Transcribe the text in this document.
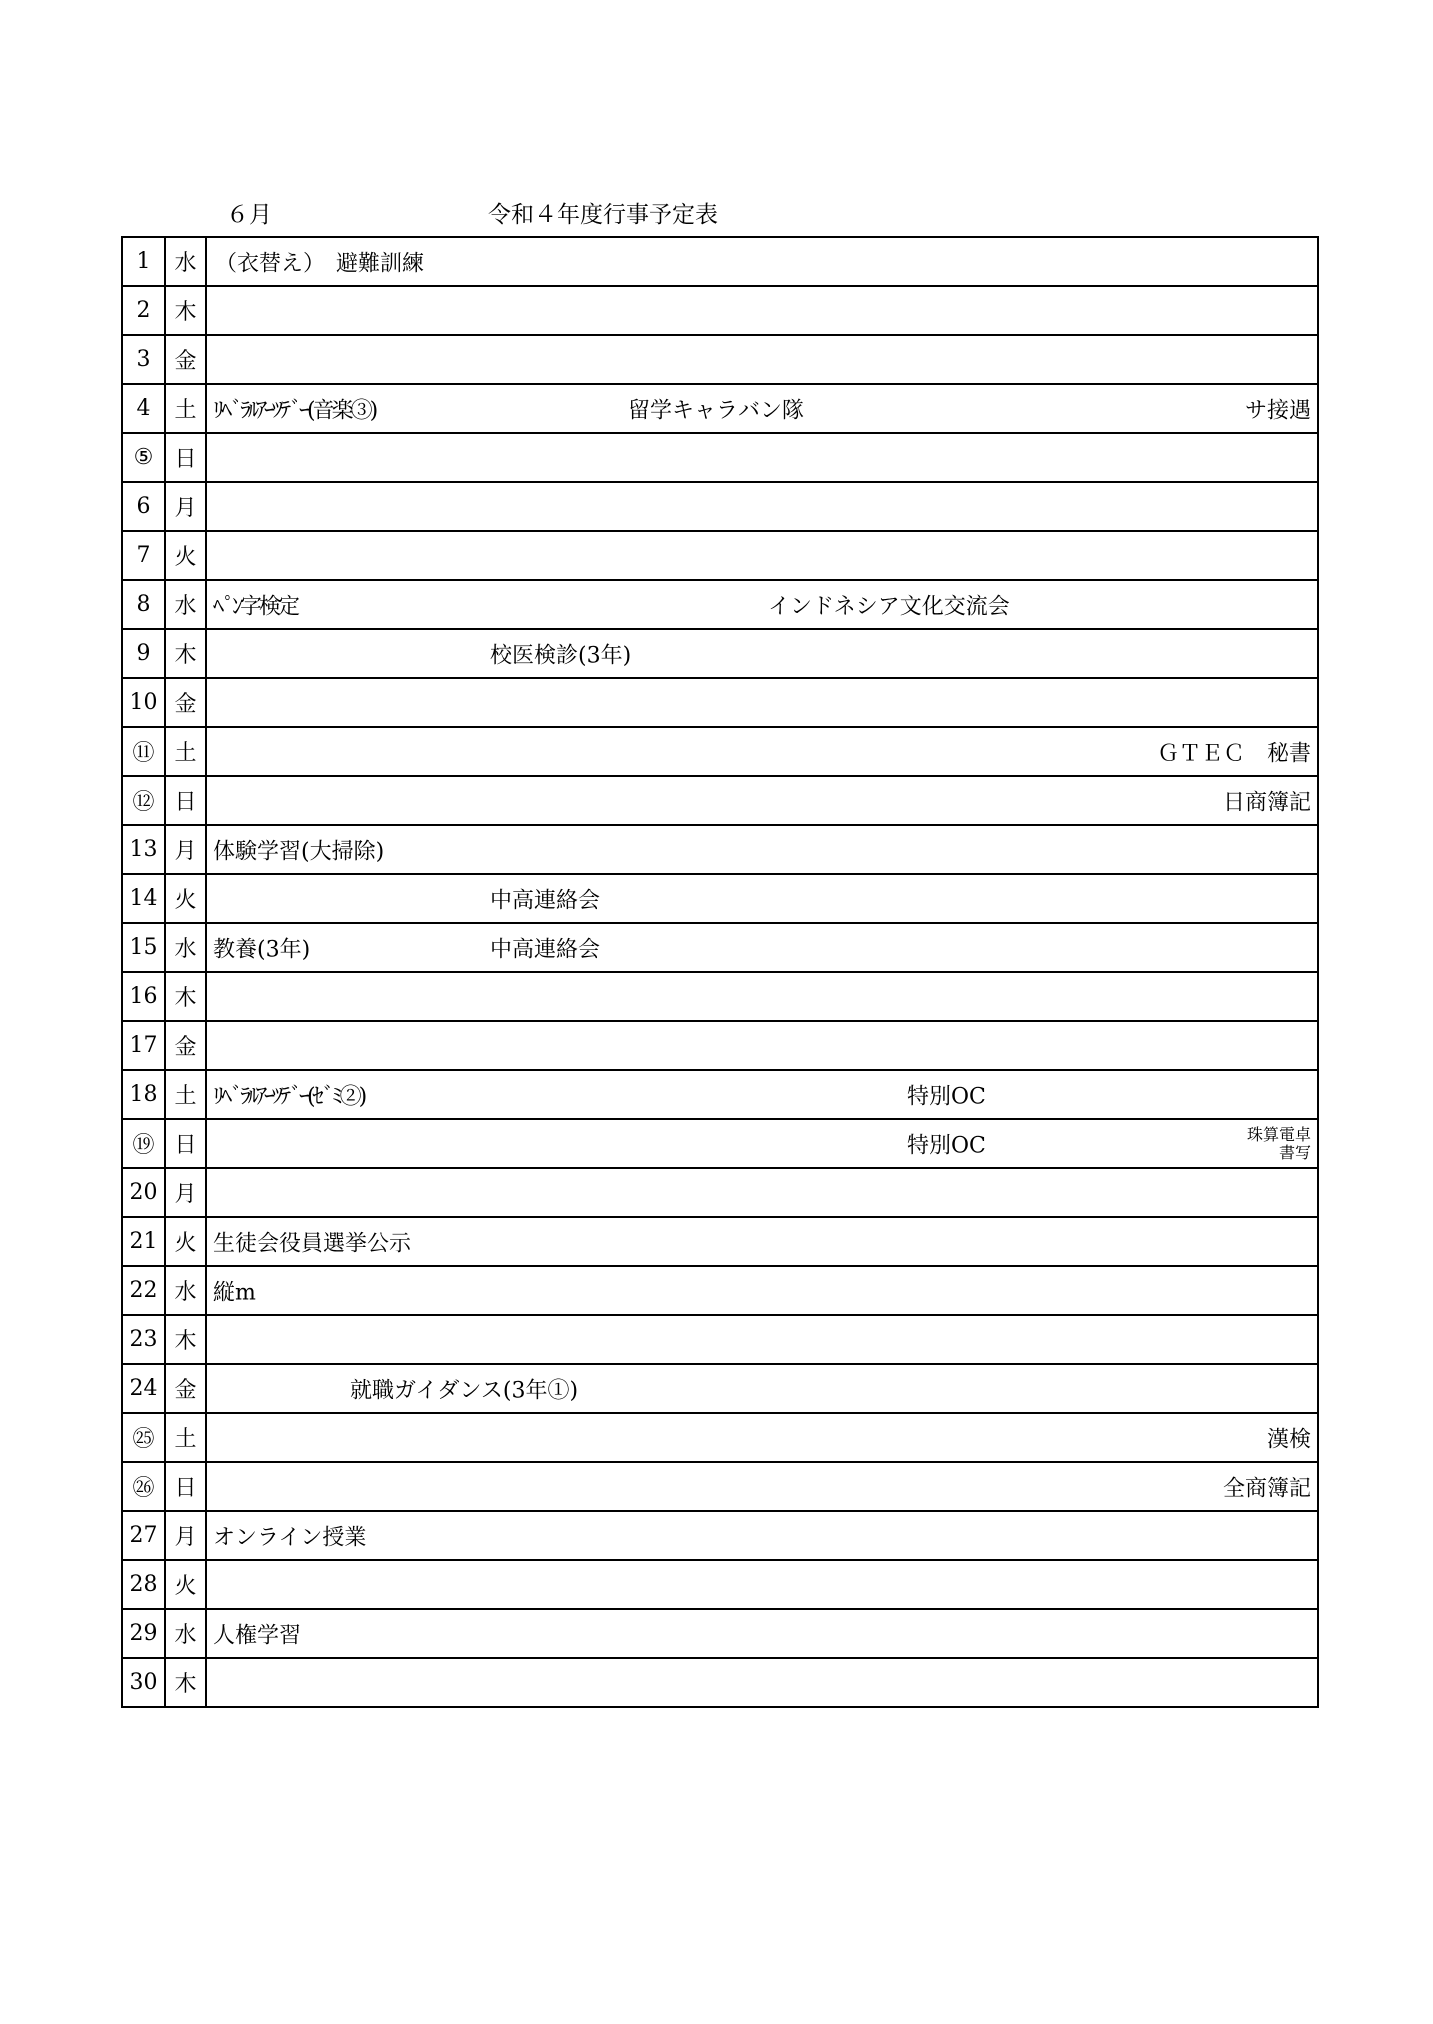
６月	令和４年度行事予定表
1	水	（衣替え）　避難訓練

2	木	
3	金	
4	土	ﾘﾍﾞﾗﾙｱｰﾂﾃﾞｰ(音楽③) 留学キャラバン隊 サ接遇

⑤	日	
6	月	
7	火	
8	水	ﾍﾟﾝ字検定 インドネシア文化交流会

9	木	校医検診(3年)

10	金	
⑪	土	ＧＴＥＣ　秘書

⑫	日	日商簿記

13	月	体験学習(大掃除)

14	火	中高連絡会

15	水	教養(3年) 中高連絡会

16	木	
17	金	
18	土	ﾘﾍﾞﾗﾙｱｰﾂﾃﾞｰ(ｾﾞﾐ②) 特別OC

⑲	日	特別OC 珠算電卓
書写

20	月	
21	火	生徒会役員選挙公示

22	水	縦m

23	木	
24	金	就職ガイダンス(3年①)

㉕	土	漢検

㉖	日	全商簿記

27	月	オンライン授業

28	火	
29	水	人権学習

30	木	
